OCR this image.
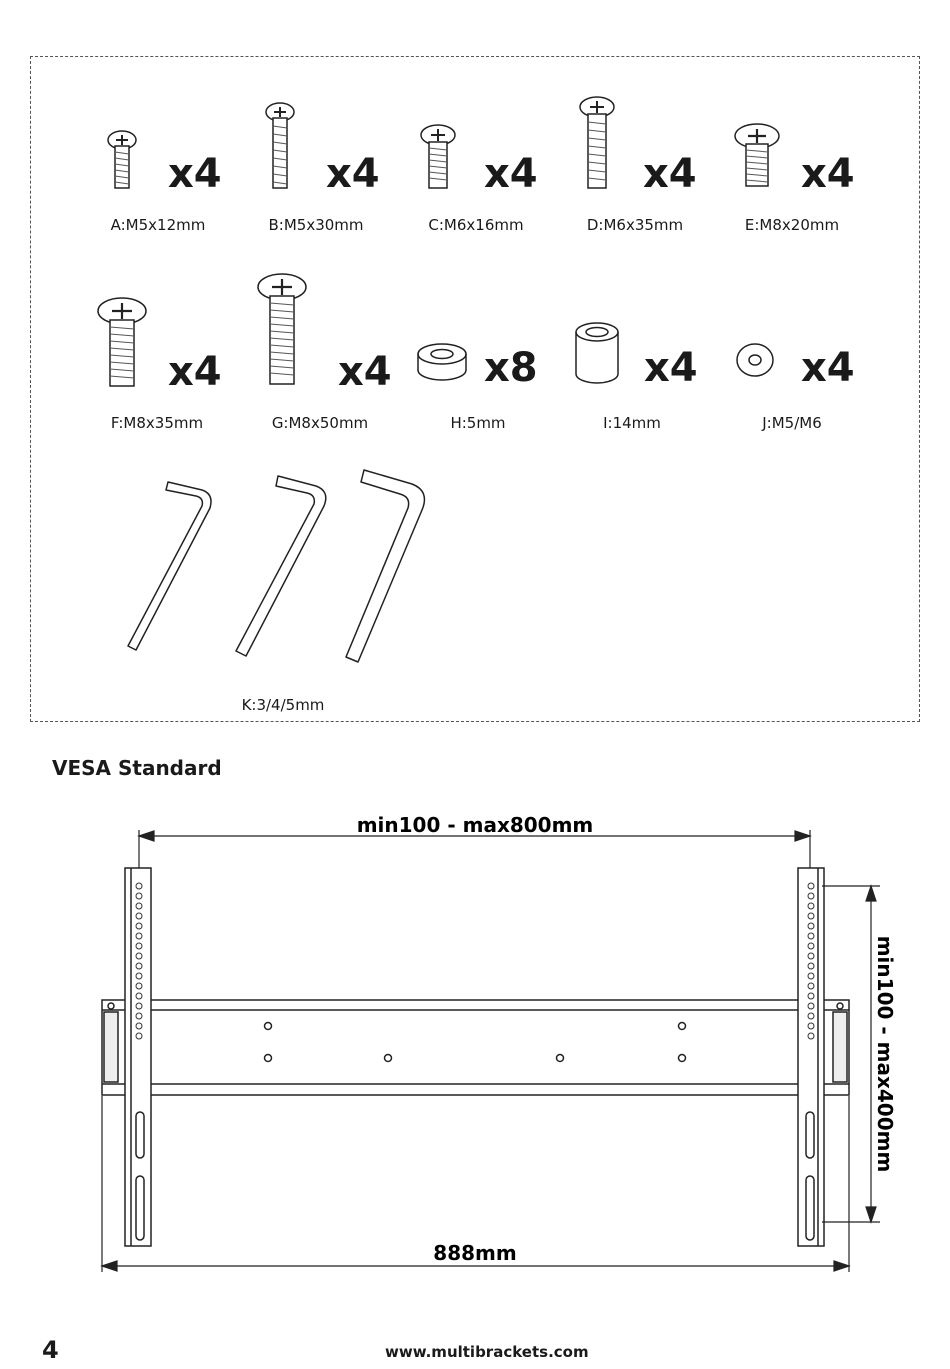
x4
A:M5x12mm
x4
B:M5x30mm
x4
C:M6x16mm
x4
D:M6x35mm
x4
E:M8x20mm
x4
F:M8x35mm
x4
G:M8x50mm
x8
H:5mm
x4
I:14mm
x4
J:M5/M6
K:3/4/5mm
VESA Standard
min100 - max800mm
min100 - max400mm
888mm
4	www.multibrackets.com
